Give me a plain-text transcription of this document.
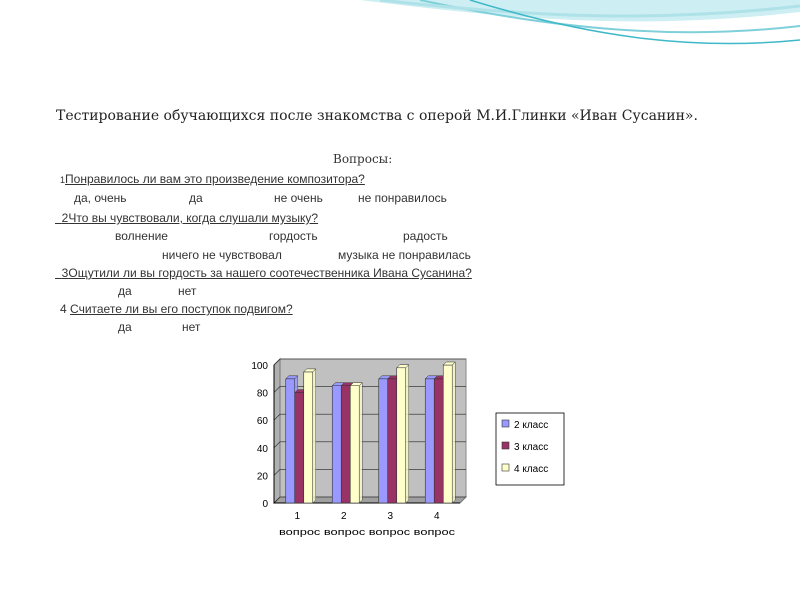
Тестирование обучающихся после знакомства с оперой М.И.Глинки «Иван Сусанин».
Вопросы:
1Понравилось ли вам это произведение композитора?
да, очень	да	не очень	не понравилось
2Что вы чувствовали, когда слушали музыку?
волнение	гордость	радость
ничего не чувствовал	музыка не понравилась
3Ощутили ли вы гордость за нашего соотечественника Ивана Сусанина?
да	нет
4 Считаете ли вы его поступок подвигом?
да	нет
0
20
40
60
80
100
1	2	3	4
вопрос вопрос вопрос вопрос
2 класс
3 класс
4 класс
